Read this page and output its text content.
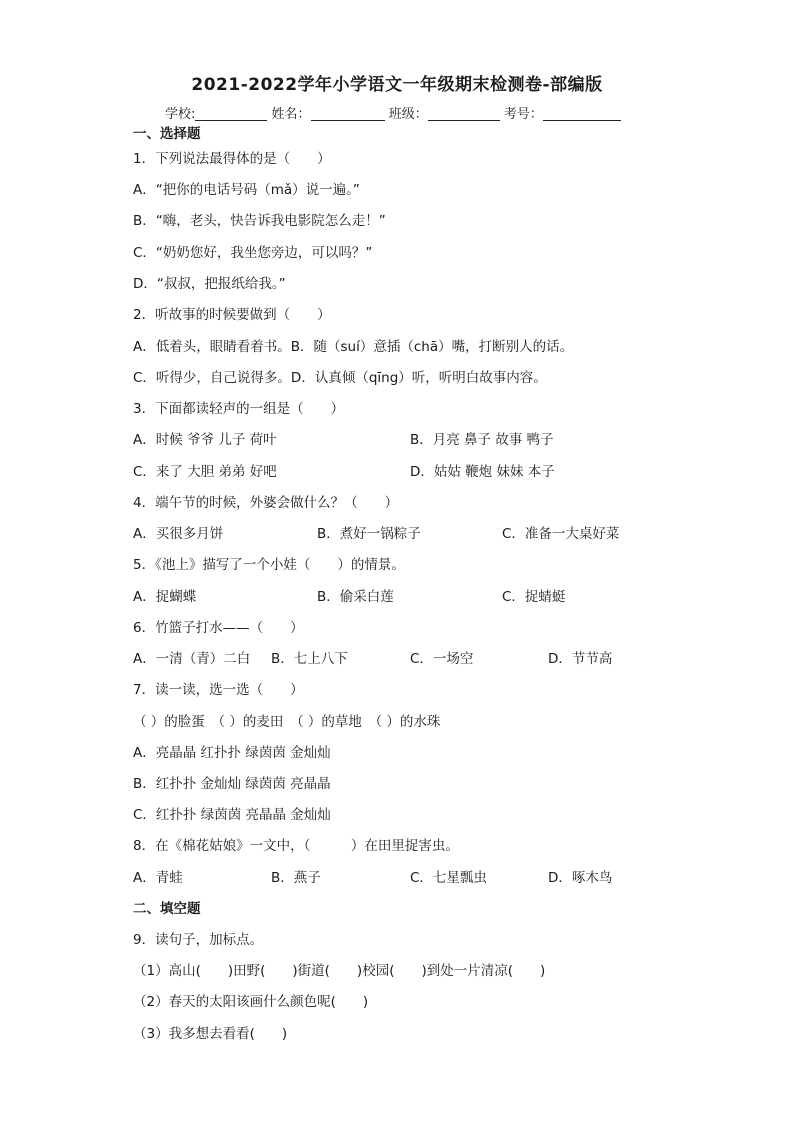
2021-2022学年小学语文一年级期末检测卷-部编版
学校:	姓名：	班级：	考号：
一、选择题
1．下列说法最得体的是（　　）
A．“把你的电话号码（mǎ）说一遍。”
B．“嗨，老头，快告诉我电影院怎么走！”
C．“奶奶您好，我坐您旁边，可以吗？”
D．“叔叔，把报纸给我。”
2．听故事的时候要做到（　　）
A．低着头，眼睛看着书。B．随（suí）意插（chā）嘴，打断别人的话。
C．听得少，自己说得多。D．认真倾（qīng）听，听明白故事内容。
3．下面都读轻声的一组是（　　）
A．时候 爷爷 儿子 荷叶	B．月亮 鼻子 故事 鸭子
C．来了 大胆 弟弟 好吧	D．姑姑 鞭炮 妹妹 本子
4．端午节的时候，外婆会做什么？（　　）
A．买很多月饼	B．煮好一锅粽子	C．准备一大桌好菜
5．《池上》描写了一个小娃（　　）的情景。
A．捉蝴蝶	B．偷采白莲	C．捉蜻蜓
6．竹篮子打水——（　　）
A．一清（青）二白 B．七上八下	C．一场空	D．节节高
7．读一读，选一选（　　）
（ ）的脸蛋　（ ）的麦田　（ ）的草地　（ ）的水珠
A．亮晶晶 红扑扑 绿茵茵 金灿灿
B．红扑扑 金灿灿 绿茵茵 亮晶晶
C．红扑扑 绿茵茵 亮晶晶 金灿灿
8．在《棉花姑娘》一文中，（　　　）在田里捉害虫。
A．青蛙	B．燕子	C．七星瓢虫	D．啄木鸟
二、填空题
9．读句子，加标点。
（1）高山(　　)田野(　　)街道(　　)校园(　　)到处一片清凉(　　)
（2）春天的太阳该画什么颜色呢(　　)
（3）我多想去看看(　　)
